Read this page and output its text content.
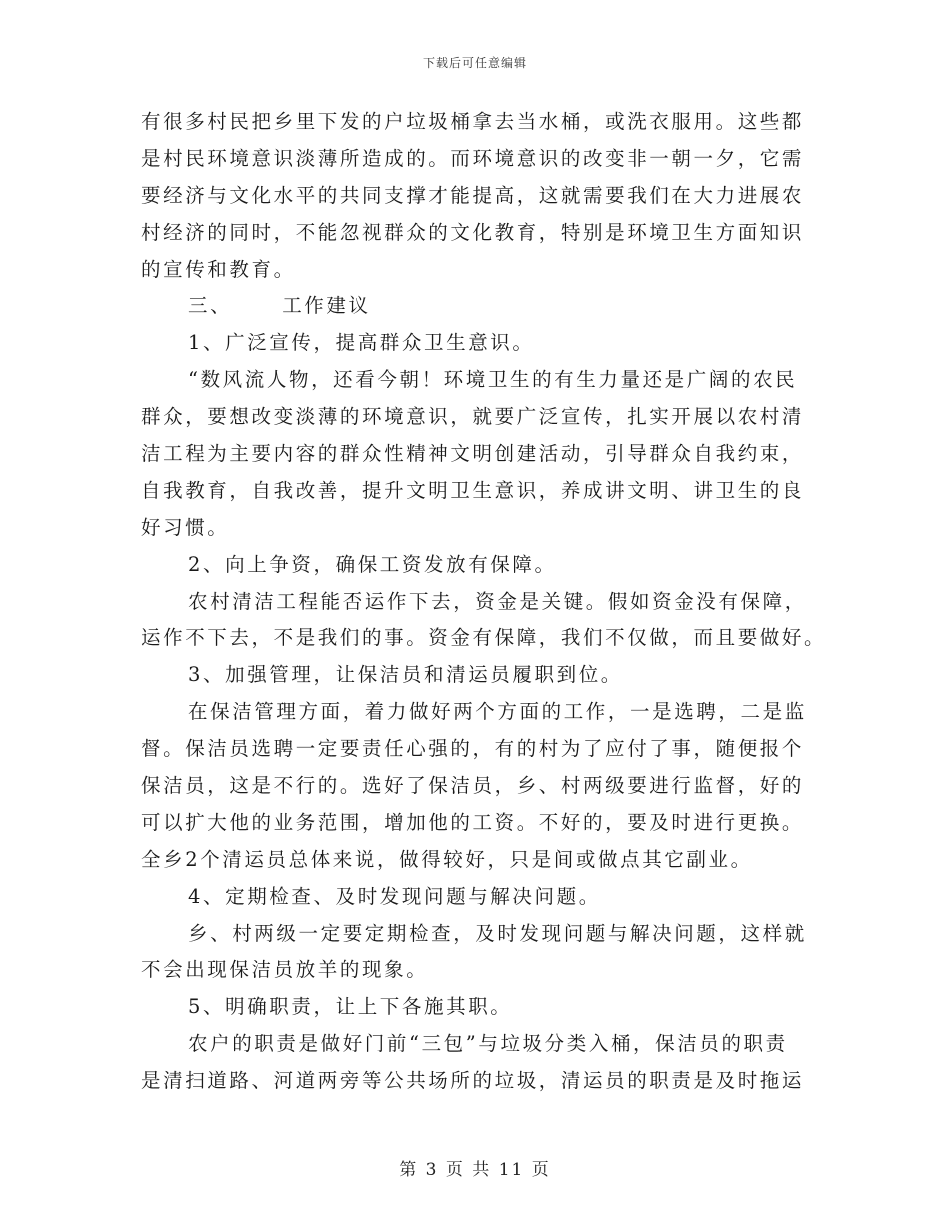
下载后可任意编辑
有很多村民把乡里下发的户垃圾桶拿去当水桶，或洗衣服用。这些都
是村民环境意识淡薄所造成的。而环境意识的改变非一朝一夕，它需
要经济与文化水平的共同支撑才能提高，这就需要我们在大力进展农
村经济的同时，不能忽视群众的文化教育，特别是环境卫生方面知识
的宣传和教育。
三、	工作建议
1、广泛宣传，提高群众卫生意识。
“数风流人物，还看今朝！环境卫生的有生力量还是广阔的农民
群众，要想改变淡薄的环境意识，就要广泛宣传，扎实开展以农村清
洁工程为主要内容的群众性精神文明创建活动，引导群众自我约束，
自我教育，自我改善，提升文明卫生意识，养成讲文明、讲卫生的良
好习惯。
2、向上争资，确保工资发放有保障。
农村清洁工程能否运作下去，资金是关键。假如资金没有保障，
运作不下去，不是我们的事。资金有保障，我们不仅做，而且要做好。
3、加强管理，让保洁员和清运员履职到位。
在保洁管理方面，着力做好两个方面的工作，一是选聘，二是监
督。保洁员选聘一定要责任心强的，有的村为了应付了事，随便报个
保洁员，这是不行的。选好了保洁员，乡、村两级要进行监督，好的
可以扩大他的业务范围，增加他的工资。不好的，要及时进行更换。
全乡2个清运员总体来说，做得较好，只是间或做点其它副业。
4、定期检查、及时发现问题与解决问题。
乡、村两级一定要定期检查，及时发现问题与解决问题，这样就
不会出现保洁员放羊的现象。
5、明确职责，让上下各施其职。
农户的职责是做好门前“三包”与垃圾分类入桶，保洁员的职责
是清扫道路、河道两旁等公共场所的垃圾，清运员的职责是及时拖运
第 3 页 共 11 页
